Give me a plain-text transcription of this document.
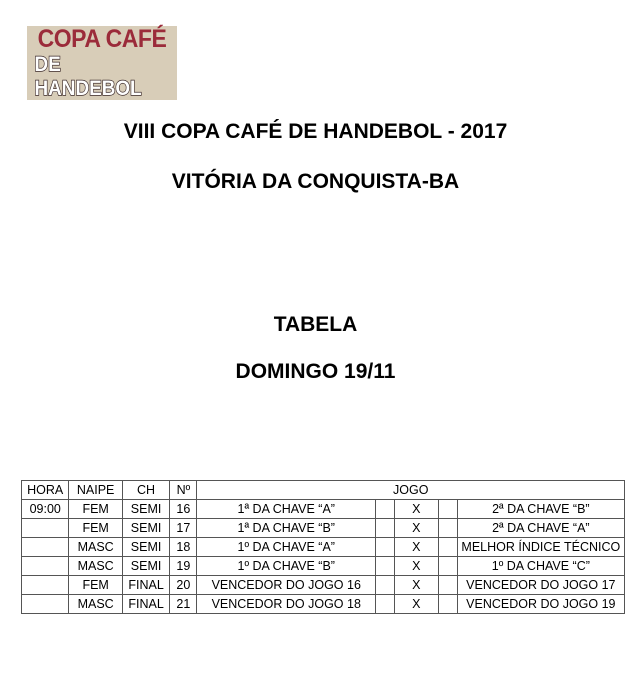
COPA CAFÉ
DE HANDEBOL
VIII COPA CAFÉ DE HANDEBOL - 2017
VITÓRIA DA CONQUISTA-BA
TABELA
DOMINGO 19/11
HORA	NAIPE	CH	Nº	JOGO				
09:00	FEM	SEMI	16	1ª DA CHAVE “A”		X		2ª DA CHAVE “B”
	FEM	SEMI	17	1ª DA CHAVE “B”		X		2ª DA CHAVE “A”
	MASC	SEMI	18	1º DA CHAVE “A”		X		MELHOR ÍNDICE TÉCNICO
	MASC	SEMI	19	1º DA CHAVE “B”		X		1º DA CHAVE “C”
	FEM	FINAL	20	VENCEDOR DO JOGO 16		X		VENCEDOR DO JOGO 17
	MASC	FINAL	21	VENCEDOR DO JOGO 18		X		VENCEDOR DO JOGO 19
